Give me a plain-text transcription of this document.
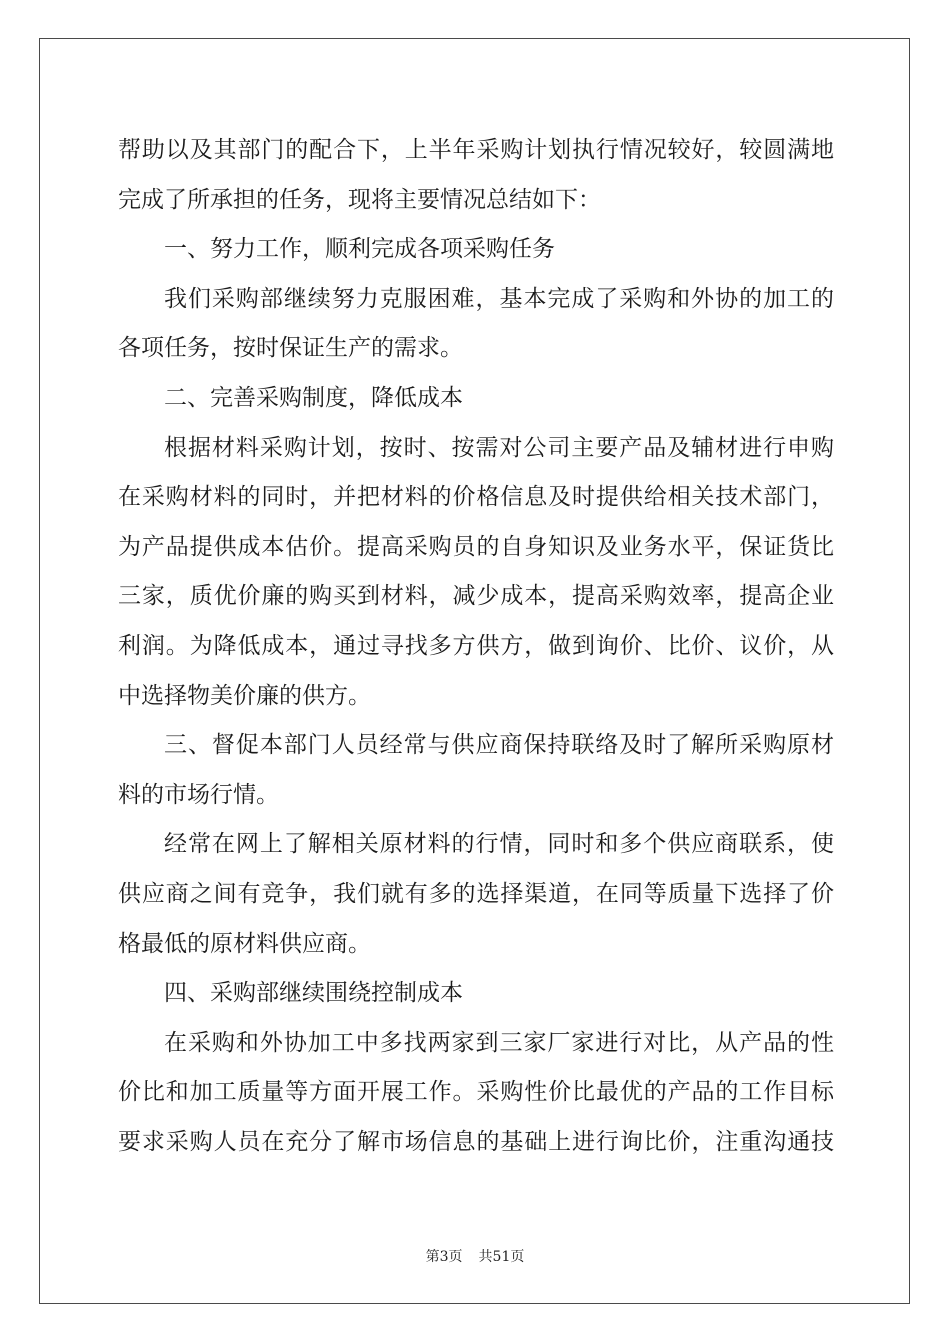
帮助以及其部门的配合下，上半年采购计划执行情况较好，较圆满地
完成了所承担的任务，现将主要情况总结如下：
一、努力工作，顺利完成各项采购任务
我们采购部继续努力克服困难，基本完成了采购和外协的加工的
各项任务，按时保证生产的需求。
二、完善采购制度，降低成本
根据材料采购计划，按时、按需对公司主要产品及辅材进行申购
在采购材料的同时，并把材料的价格信息及时提供给相关技术部门，
为产品提供成本估价。提高采购员的自身知识及业务水平，保证货比
三家，质优价廉的购买到材料，减少成本，提高采购效率，提高企业
利润。为降低成本，通过寻找多方供方，做到询价、比价、议价，从
中选择物美价廉的供方。
三、督促本部门人员经常与供应商保持联络及时了解所采购原材
料的市场行情。
经常在网上了解相关原材料的行情，同时和多个供应商联系，使
供应商之间有竞争，我们就有多的选择渠道，在同等质量下选择了价
格最低的原材料供应商。
四、采购部继续围绕控制成本
在采购和外协加工中多找两家到三家厂家进行对比，从产品的性
价比和加工质量等方面开展工作。采购性价比最优的产品的工作目标
要求采购人员在充分了解市场信息的基础上进行询比价，注重沟通技
第3页 共51页
